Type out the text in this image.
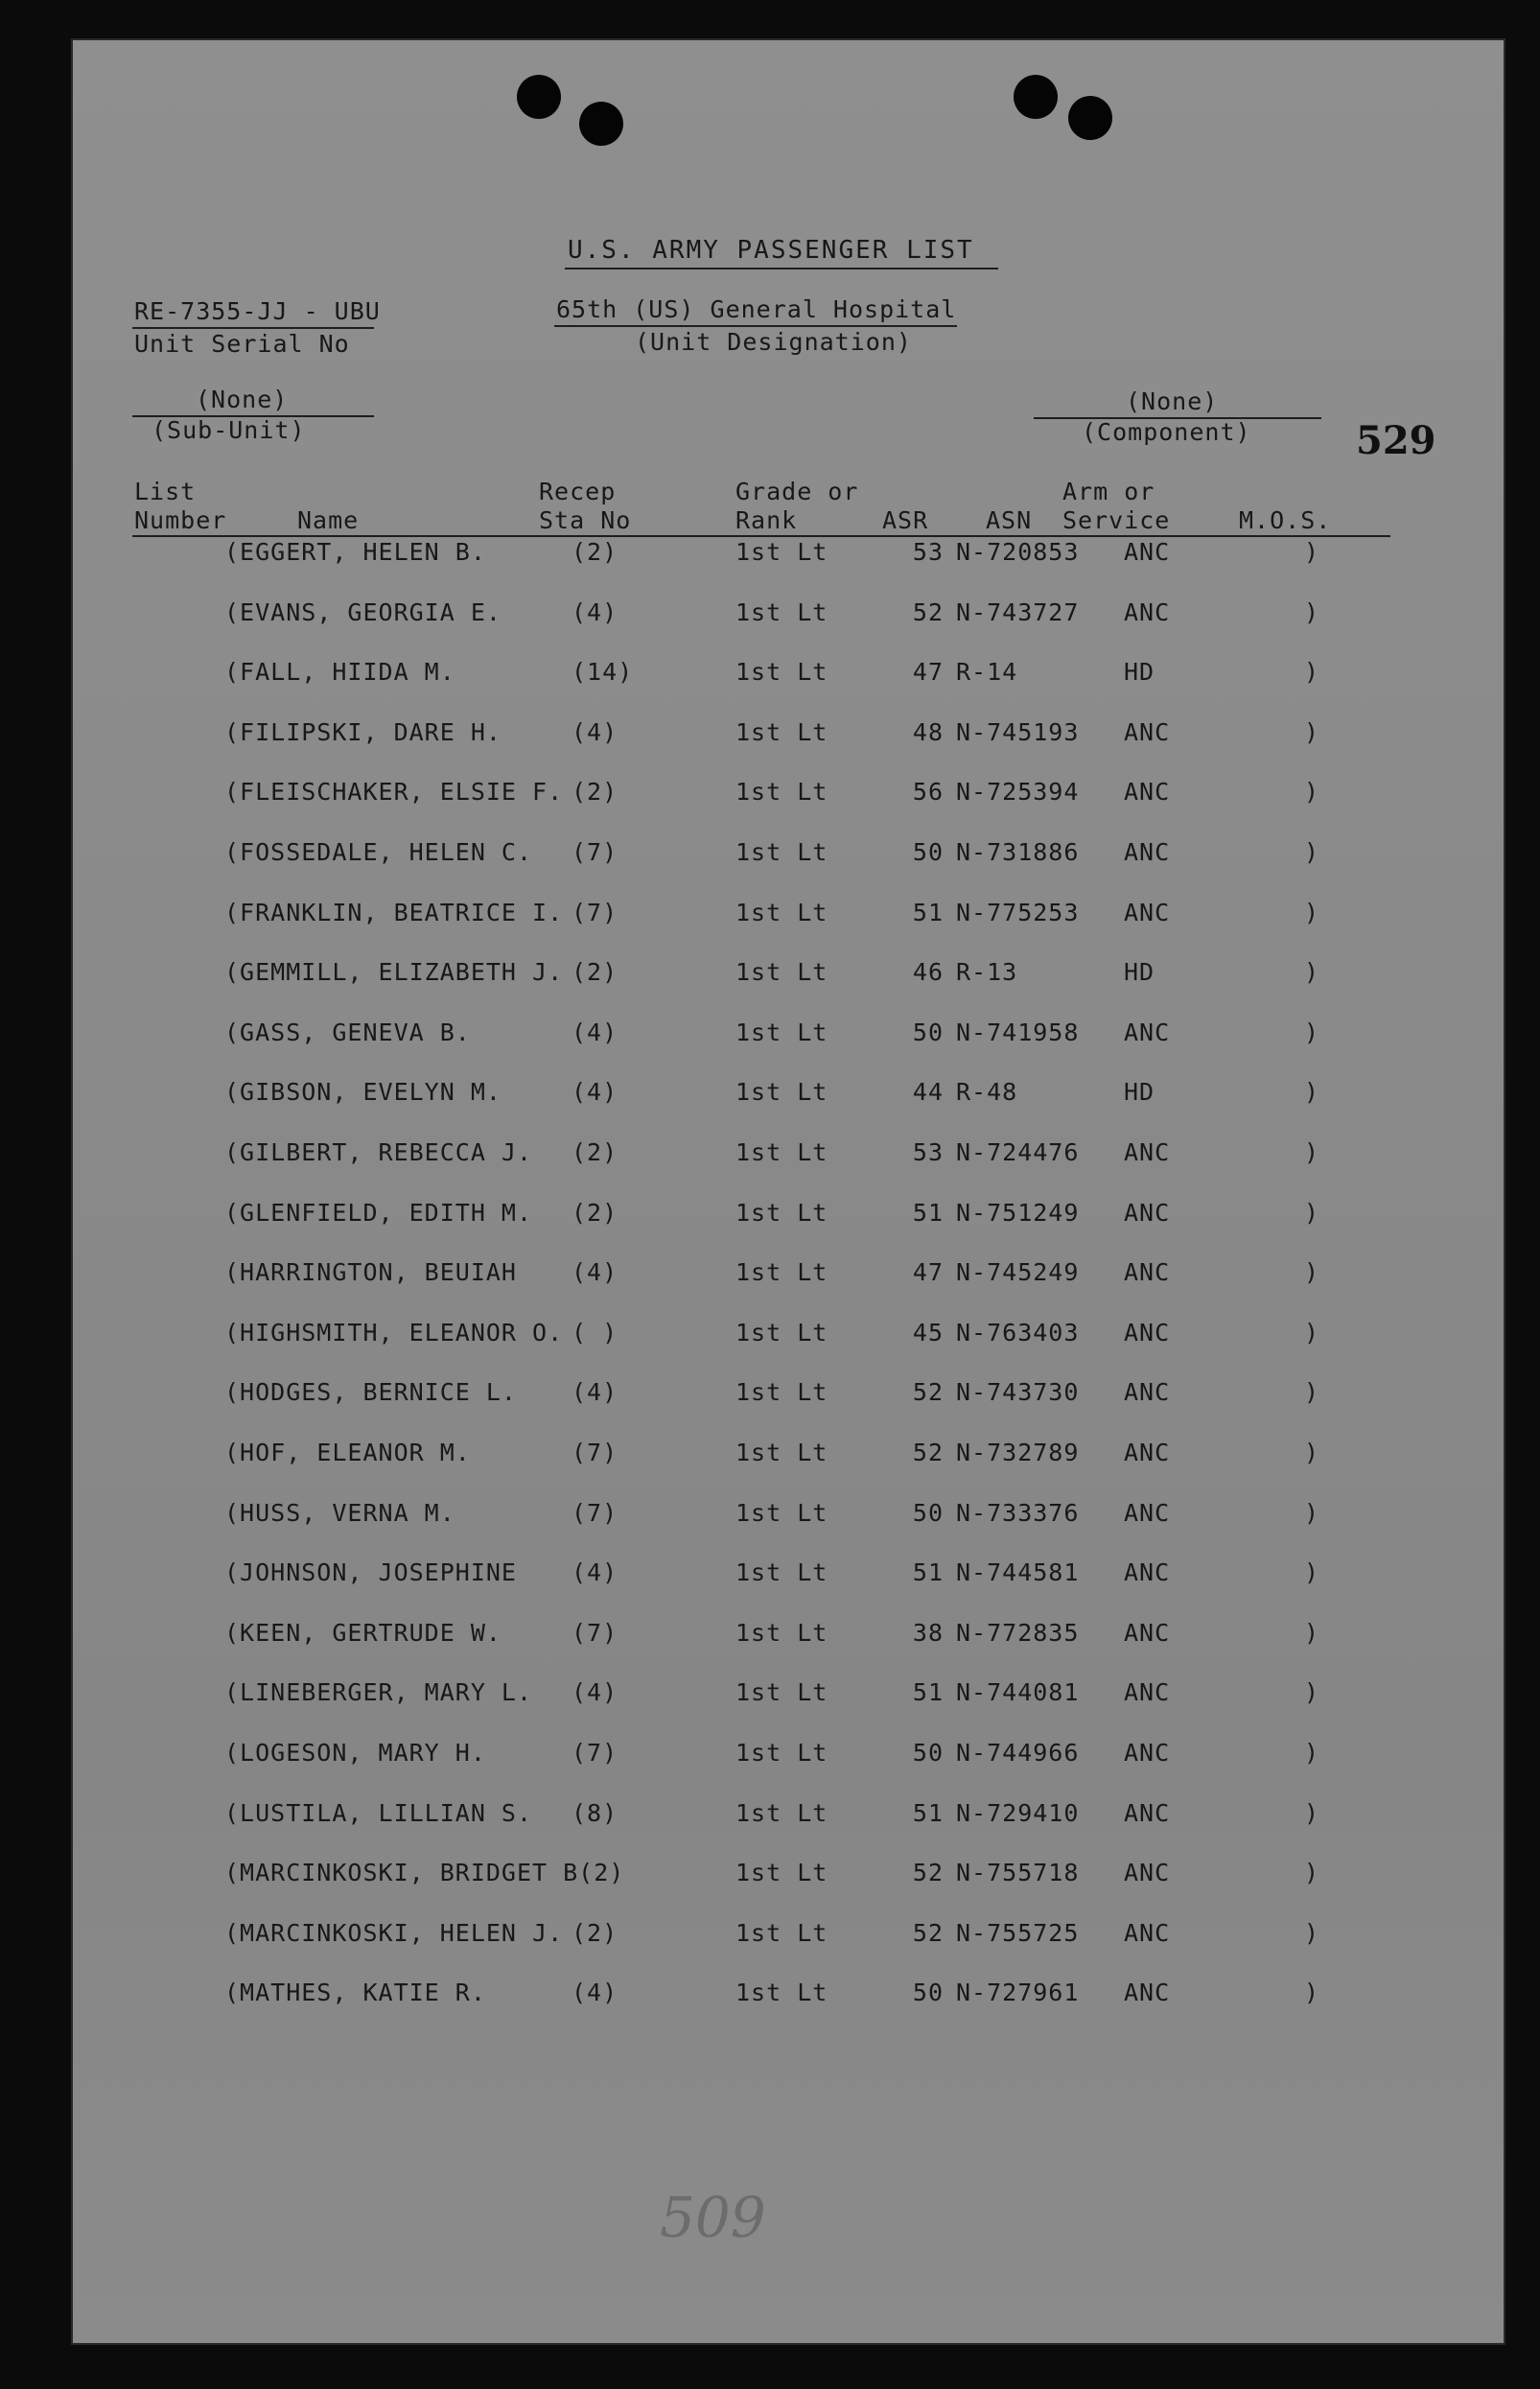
U.S. ARMY PASSENGER LIST
RE-7355-JJ - UBU
Unit Serial No
65th (US) General Hospital
(Unit Designation)
(None)
(Sub-Unit)
(None)
(Component)	529
List
Number	Name
Recep
Sta No
Grade or
Rank	ASR ASN
Arm or
Service	M.O.S.
(EGGERT, HELEN B.	(2)	1st Lt	53 N-720853 ANC	)
(EVANS, GEORGIA E.	(4)	1st Lt	52 N-743727 ANC	)
(FALL, HIIDA M.	(14)	1st Lt	47 R-14	HD	)
(FILIPSKI, DARE H.	(4)	1st Lt	48 N-745193 ANC	)
(FLEISCHAKER, ELSIE F. (2)	1st Lt	56 N-725394 ANC	)
(FOSSEDALE, HELEN C. (7)	1st Lt	50 N-731886 ANC	)
(FRANKLIN, BEATRICE I. (7)	1st Lt	51 N-775253 ANC	)
(GEMMILL, ELIZABETH J. (2)	1st Lt	46 R-13	HD	)
(GASS, GENEVA B.	(4)	1st Lt	50 N-741958 ANC	)
(GIBSON, EVELYN M.	(4)	1st Lt	44 R-48	HD	)
(GILBERT, REBECCA J. (2)	1st Lt	53 N-724476 ANC	)
(GLENFIELD, EDITH M. (2)	1st Lt	51 N-751249 ANC	)
(HARRINGTON, BEUIAH (4)	1st Lt	47 N-745249 ANC	)
(HIGHSMITH, ELEANOR O. ( )	1st Lt	45 N-763403 ANC	)
(HODGES, BERNICE L. (4)	1st Lt	52 N-743730 ANC	)
(HOF, ELEANOR M.	(7)	1st Lt	52 N-732789 ANC	)
(HUSS, VERNA M.	(7)	1st Lt	50 N-733376 ANC	)
(JOHNSON, JOSEPHINE (4)	1st Lt	51 N-744581 ANC	)
(KEEN, GERTRUDE W.	(7)	1st Lt	38 N-772835 ANC	)
(LINEBERGER, MARY L. (4)	1st Lt	51 N-744081 ANC	)
(LOGESON, MARY H.	(7)	1st Lt	50 N-744966 ANC	)
(LUSTILA, LILLIAN S. (8)	1st Lt	51 N-729410 ANC	)
(MARCINKOSKI, BRIDGET B(2)	1st Lt	52 N-755718 ANC	)
(MARCINKOSKI, HELEN J. (2)	1st Lt	52 N-755725 ANC	)
(MATHES, KATIE R.	(4)	1st Lt	50 N-727961 ANC	)
509
